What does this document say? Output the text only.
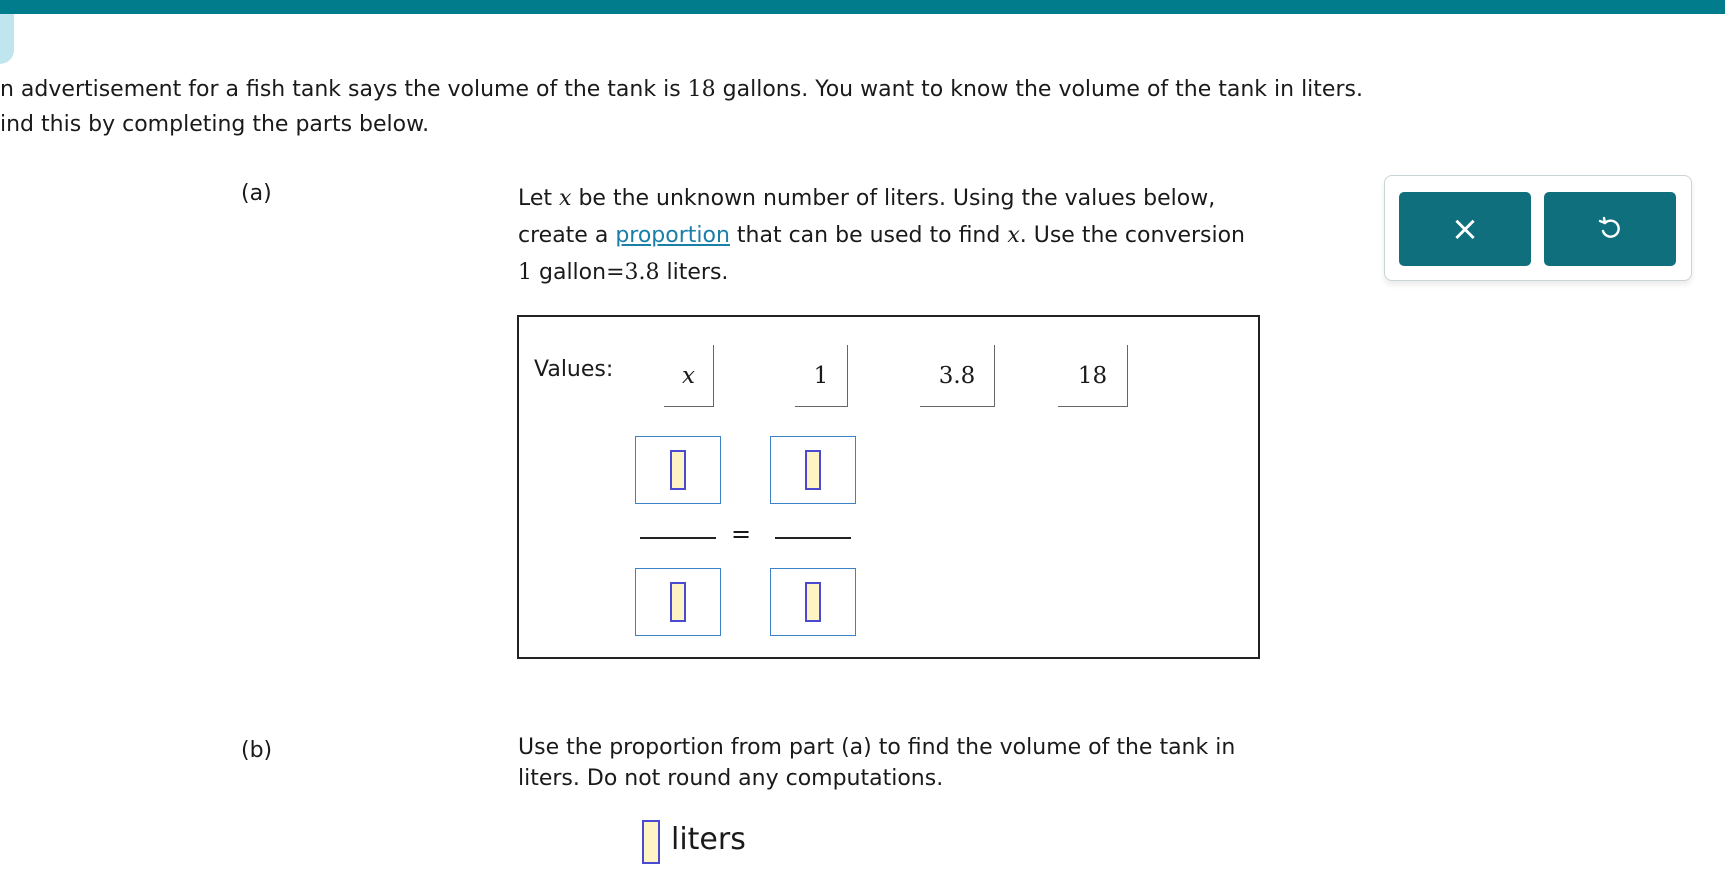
n advertisement for a fish tank says the volume of the tank is 18 gallons. You want to know the volume of the tank in liters.
ind this by completing the parts below.
(a)	Let x be the unknown number of liters. Using the values below,
create a proportion that can be used to find x. Use the conversion
1 gallon=3.8 liters.
×
Values:	x	1	3.8	18
=
(b)	Use the proportion from part (a) to find the volume of the tank in
liters. Do not round any computations.
liters
